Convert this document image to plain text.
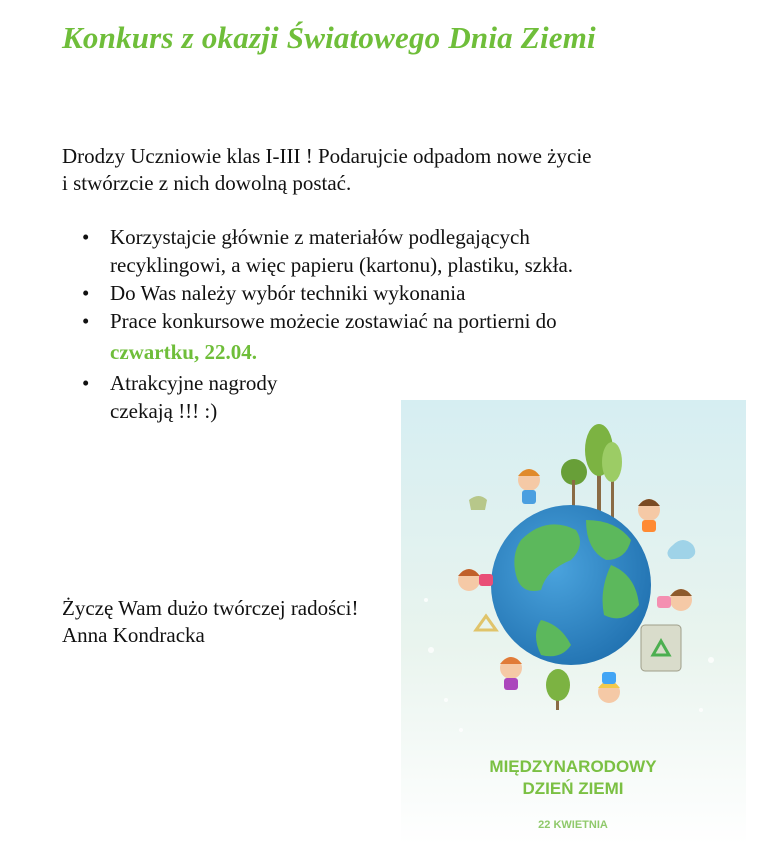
Konkurs z okazji Światowego Dnia Ziemi
Drodzy Uczniowie klas I-III ! Podarujcie odpadom nowe życie
i stwórzcie z nich dowolną postać.
• Korzystajcie głównie z materiałów podlegających
recyklingowi, a więc papieru (kartonu), plastiku, szkła.
• Do Was należy wybór techniki wykonania
• Prace konkursowe możecie zostawiać na portierni do
czwartku, 22.04.
• Atrakcyjne nagrody
czekają !!! :)
Życzę Wam dużo twórczej radości!
Anna Kondracka
MIĘDZYNARODOWY
DZIEŃ ZIEMI
22 KWIETNIA
